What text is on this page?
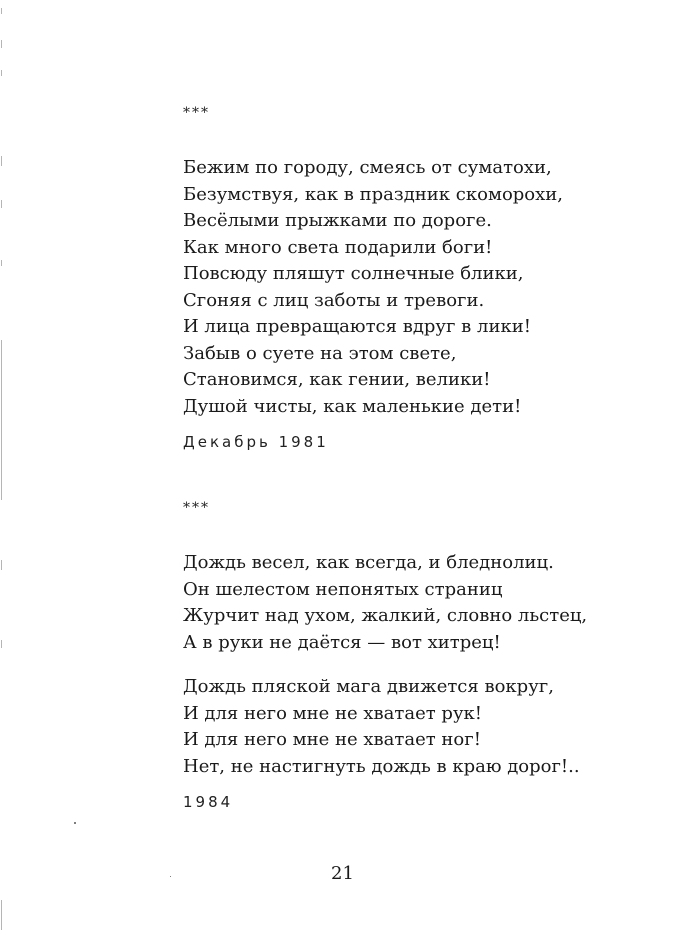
***
Бежим по городу, смеясь от суматохи,
Безумствуя, как в праздник скоморохи,
Весёлыми прыжками по дороге.
Как много света подарили боги!
Повсюду пляшут солнечные блики,
Сгоняя с лиц заботы и тревоги.
И лица превращаются вдруг в лики!
Забыв о суете на этом свете,
Становимся, как гении, велики!
Душой чисты, как маленькие дети!
Декабрь 1981
***
Дождь весел, как всегда, и бледнолиц.
Он шелестом непонятых страниц
Журчит над ухом, жалкий, словно льстец,
А в руки не даётся — вот хитрец!
Дождь пляской мага движется вокруг,
И для него мне не хватает рук!
И для него мне не хватает ног!
Нет, не настигнуть дождь в краю дорог!..
1984
21
